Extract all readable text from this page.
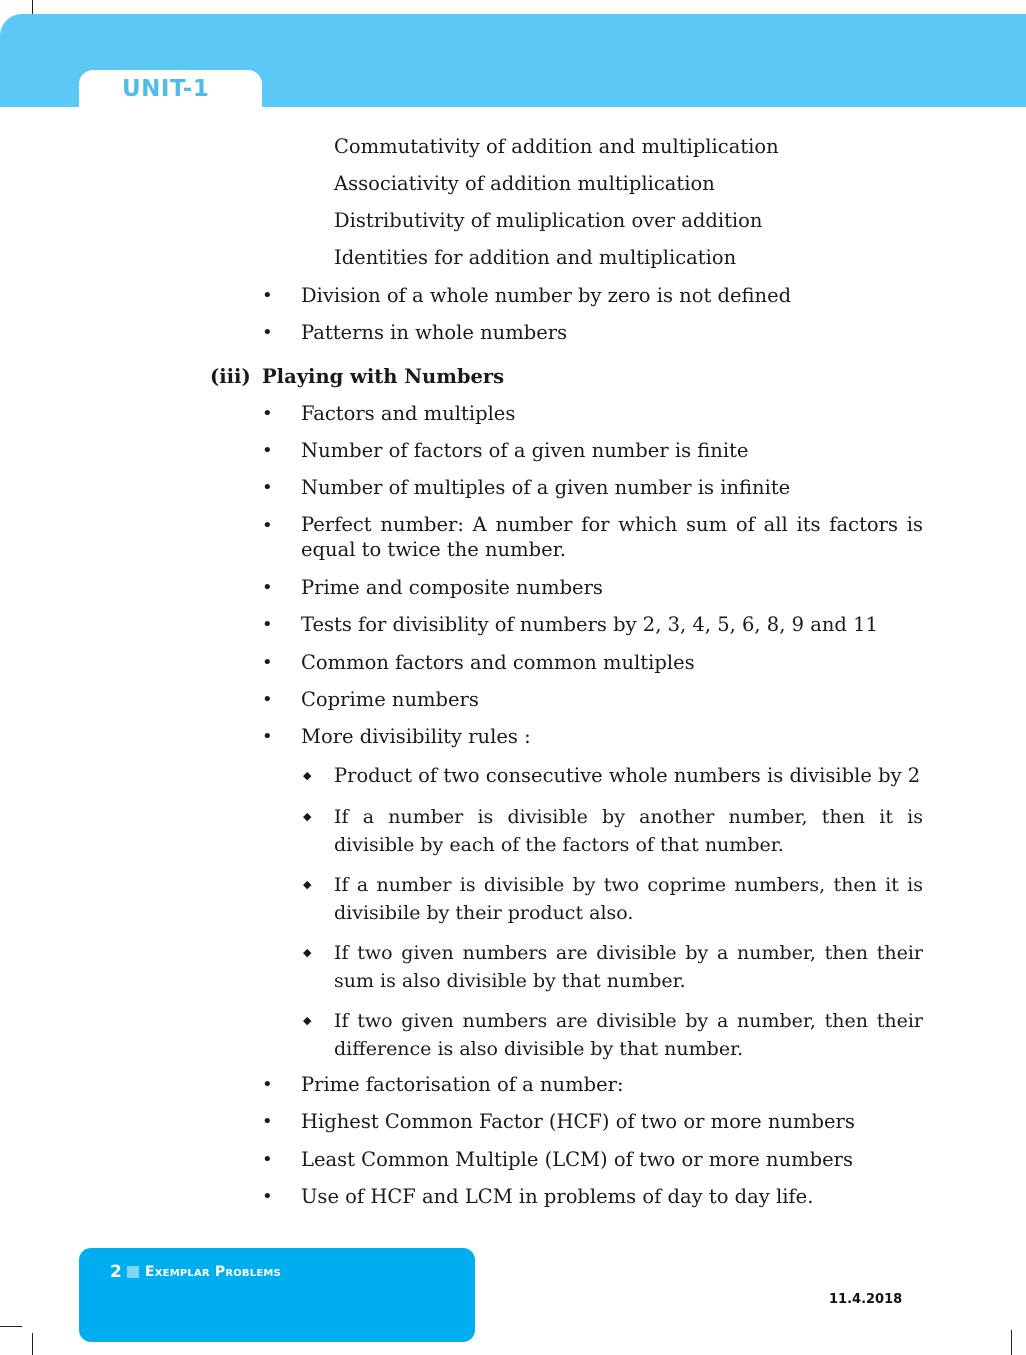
UNIT-1
Commutativity of addition and multiplication
Associativity of addition multiplication
Distributivity of muliplication over addition
Identities for addition and multiplication
• Division of a whole number by zero is not defined
• Patterns in whole numbers
(iii) Playing with Numbers
• Factors and multiples
• Number of factors of a given number is finite
• Number of multiples of a given number is infinite
• Perfect number: A number for which sum of all its factors is equal to twice the number.
• Prime and composite numbers
• Tests for divisiblity of numbers by 2, 3, 4, 5, 6, 8, 9 and 11
• Common factors and common multiples
• Coprime numbers
• More divisibility rules :
◆ Product of two consecutive whole numbers is divisible by 2
◆ If a number is divisible by another number, then it is divisible by each of the factors of that number.
◆ If a number is divisible by two coprime numbers, then it is divisibile by their product also.
◆ If two given numbers are divisible by a number, then their sum is also divisible by that number.
◆ If two given numbers are divisible by a number, then their difference is also divisible by that number.
• Prime factorisation of a number:
• Highest Common Factor (HCF) of two or more numbers
• Least Common Multiple (LCM) of two or more numbers
• Use of HCF and LCM in problems of day to day life.
2 Exemplar Problems
11.4.2018
